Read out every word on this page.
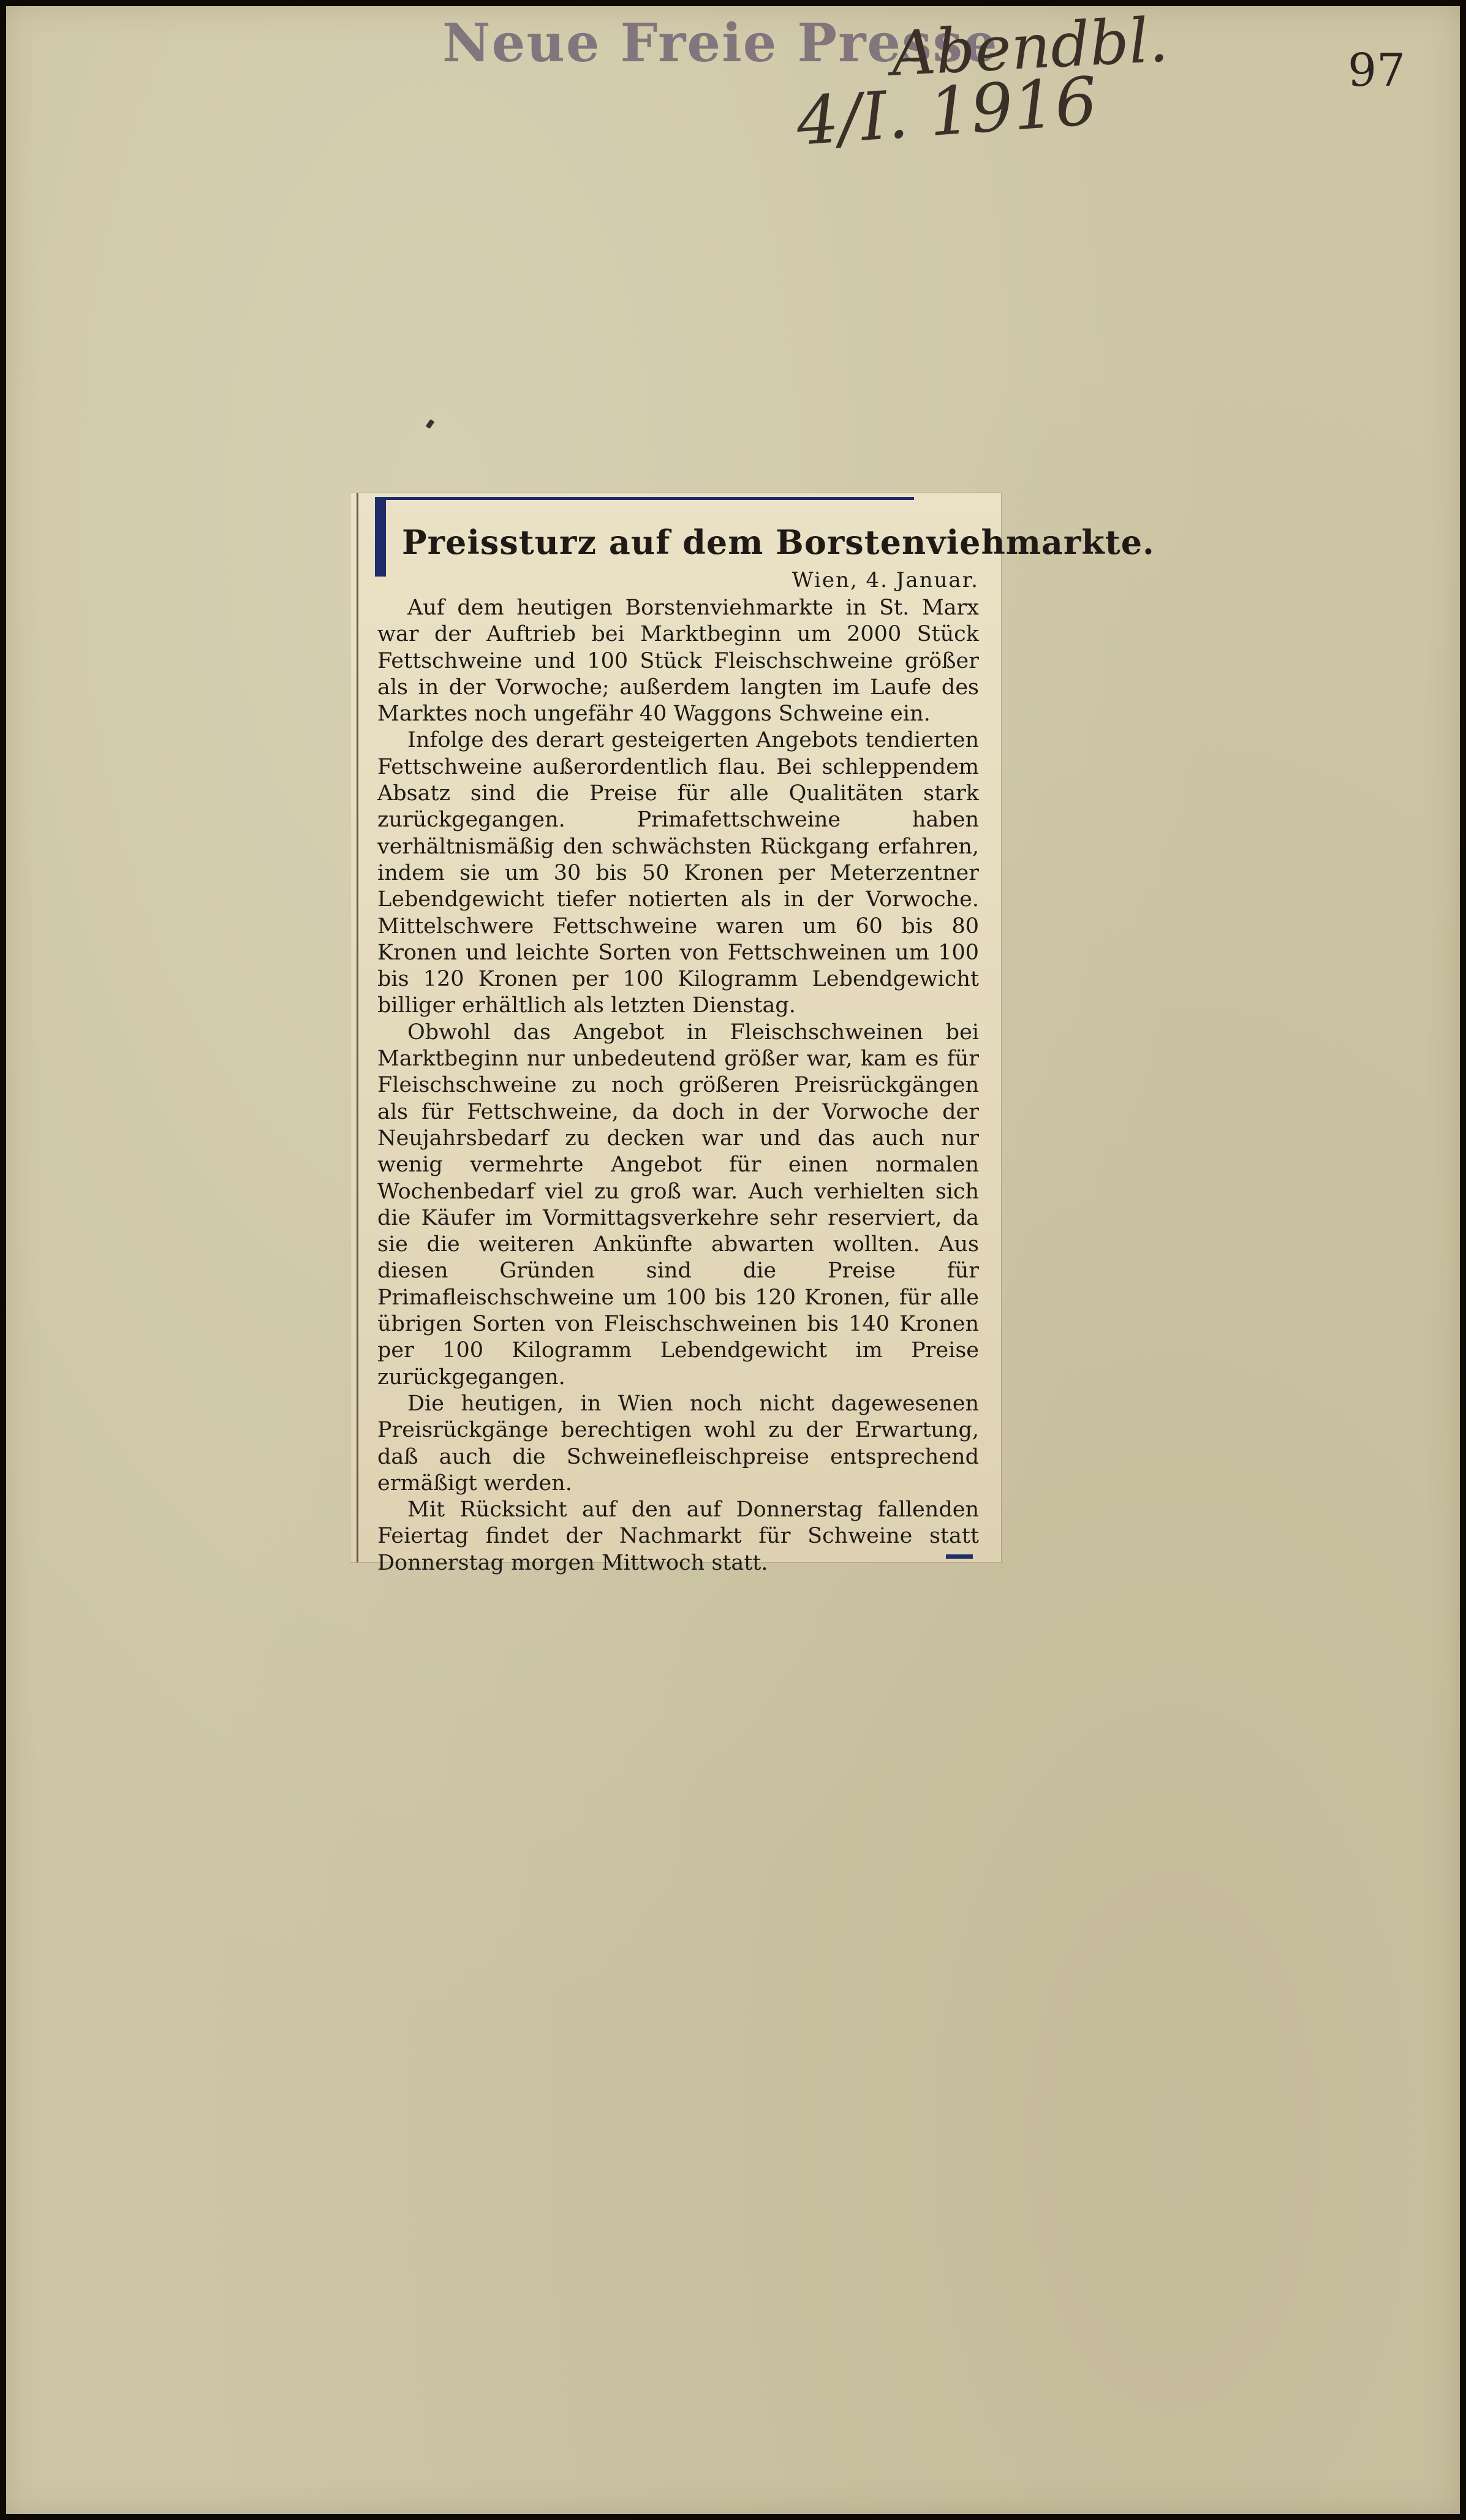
Neue Freie Presse
Abendbl.
4/I. 1916	97
Preissturz auf dem Borstenviehmarkte.
Wien, 4. Januar.

Auf dem heutigen Borstenviehmarkte in St. Marx war der Auftrieb bei Marktbeginn um 2000 Stück Fettschweine und 100 Stück Fleischschweine größer als in der Vorwoche; außerdem langten im Laufe des Marktes noch ungefähr 40 Waggons Schweine ein.

Infolge des derart gesteigerten Angebots tendierten Fettschweine außerordentlich flau. Bei schleppendem Absatz sind die Preise für alle Qualitäten stark zurückgegangen. Primafettschweine haben verhältnismäßig den schwächsten Rückgang erfahren, indem sie um 30 bis 50 Kronen per Meterzentner Lebendgewicht tiefer notierten als in der Vorwoche. Mittelschwere Fettschweine waren um 60 bis 80 Kronen und leichte Sorten von Fettschweinen um 100 bis 120 Kronen per 100 Kilogramm Lebendgewicht billiger erhältlich als letzten Dienstag.

Obwohl das Angebot in Fleischschweinen bei Marktbeginn nur unbedeutend größer war, kam es für Fleischschweine zu noch größeren Preisrückgängen als für Fettschweine, da doch in der Vorwoche der Neujahrsbedarf zu decken war und das auch nur wenig vermehrte Angebot für einen normalen Wochenbedarf viel zu groß war. Auch verhielten sich die Käufer im Vormittagsverkehre sehr reserviert, da sie die weiteren Ankünfte abwarten wollten. Aus diesen Gründen sind die Preise für Primafleischschweine um 100 bis 120 Kronen, für alle übrigen Sorten von Fleischschweinen bis 140 Kronen per 100 Kilogramm Lebendgewicht im Preise zurückgegangen.

Die heutigen, in Wien noch nicht dagewesenen Preisrückgänge berechtigen wohl zu der Erwartung, daß auch die Schweinefleischpreise entsprechend ermäßigt werden.

Mit Rücksicht auf den auf Donnerstag fallenden Feiertag findet der Nachmarkt für Schweine statt Donnerstag morgen Mittwoch statt.
